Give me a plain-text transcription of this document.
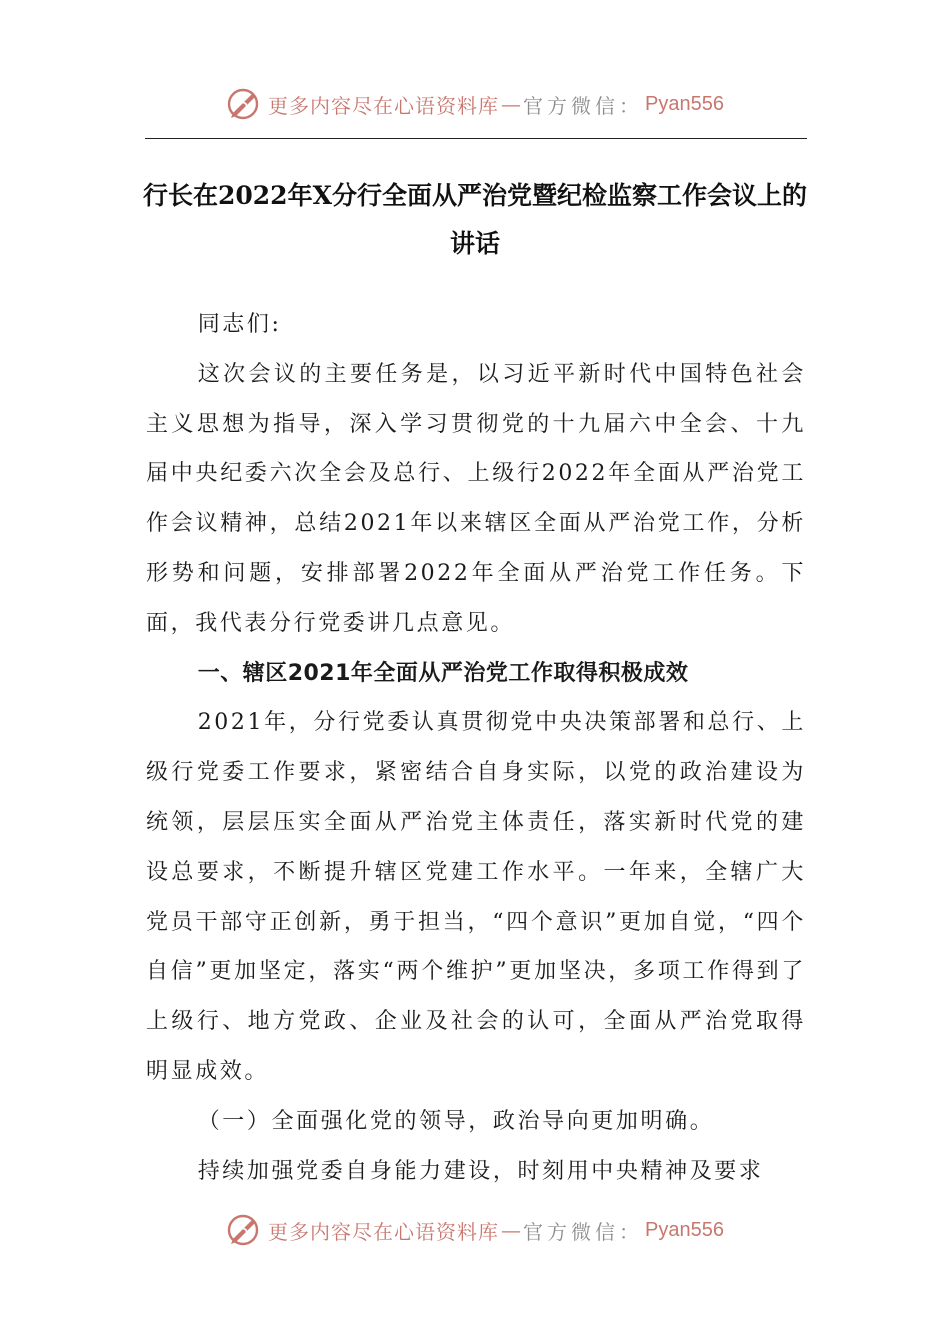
更多内容尽在心语资料库 — 官方微信： Pyan556
行长在2022年X分行全面从严治党暨纪检监察工作会议上的讲话

同志们:

这次会议的主要任务是，以习近平新时代中国特色社会主义思想为指导，深入学习贯彻党的十九届六中全会、十九届中央纪委六次全会及总行、上级行2022年全面从严治党工作会议精神，总结2021年以来辖区全面从严治党工作，分析形势和问题，安排部署2022年全面从严治党工作任务。下面，我代表分行党委讲几点意见。

一、辖区2021年全面从严治党工作取得积极成效

2021年，分行党委认真贯彻党中央决策部署和总行、上级行党委工作要求，紧密结合自身实际，以党的政治建设为统领，层层压实全面从严治党主体责任，落实新时代党的建设总要求，不断提升辖区党建工作水平。一年来，全辖广大党员干部守正创新，勇于担当，“四个意识”更加自觉，“四个自信”更加坚定，落实“两个维护”更加坚决，多项工作得到了上级行、地方党政、企业及社会的认可，全面从严治党取得明显成效。

（一）全面强化党的领导，政治导向更加明确。

持续加强党委自身能力建设，时刻用中央精神及要求

更多内容尽在心语资料库 — 官方微信： Pyan556
